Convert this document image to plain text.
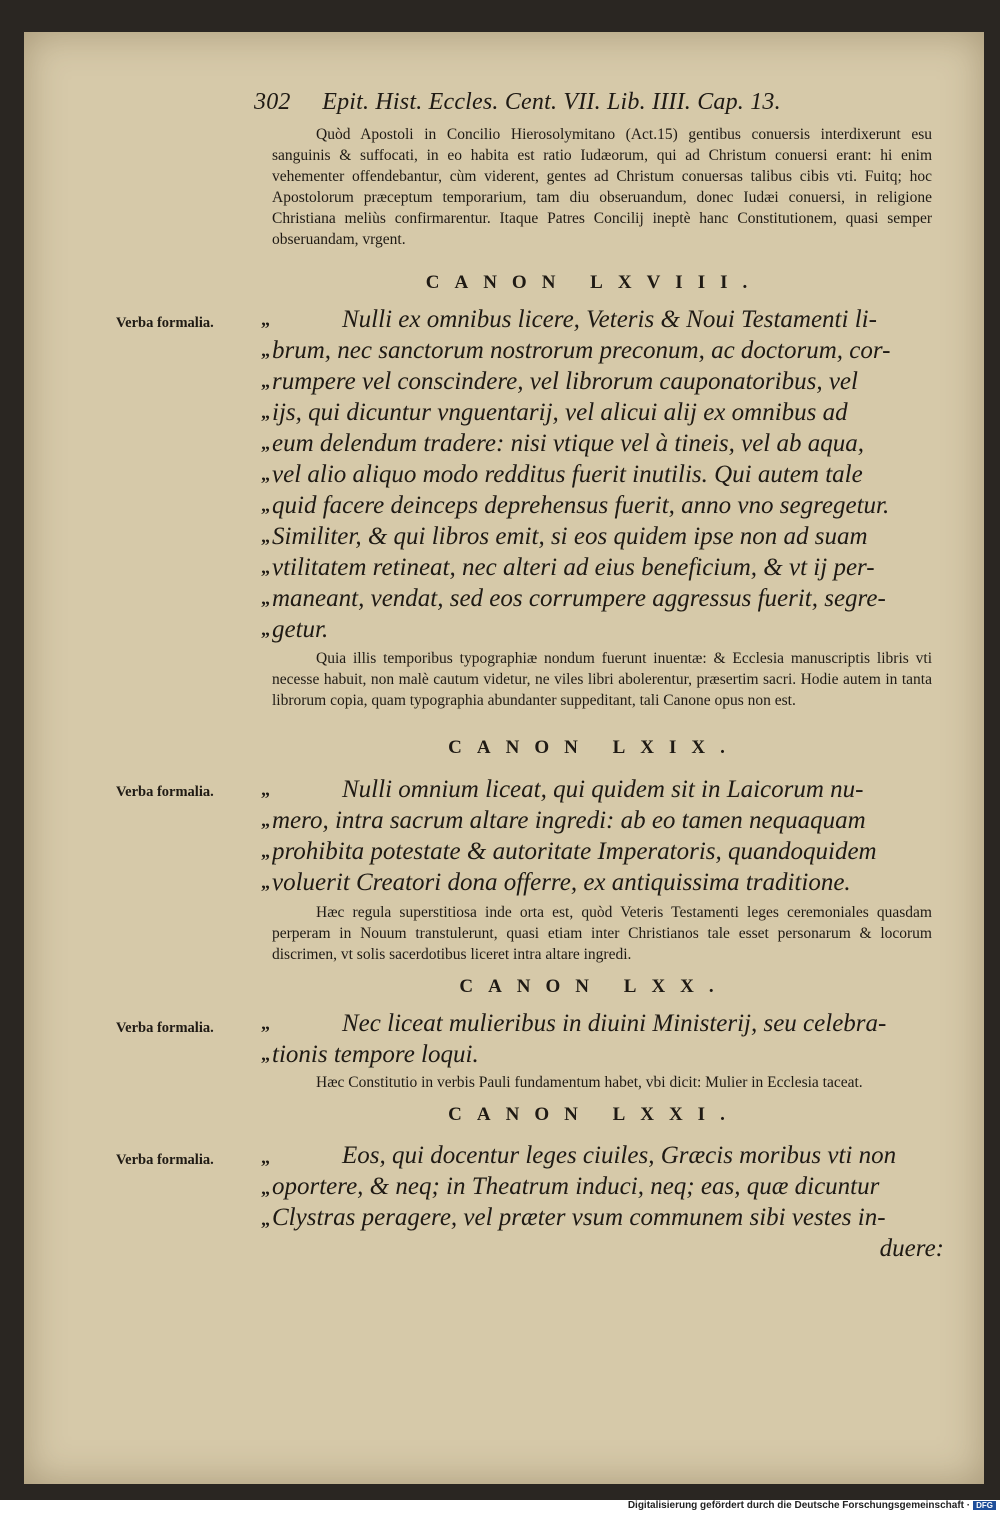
302 Epit. Hist. Eccles. Cent. VII. Lib. IIII. Cap. 13.

Quòd Apostoli in Concilio Hierosolymitano (Act.15) gentibus conuersis interdixerunt esu sanguinis & suffocati, in eo habita est ratio Iudæorum, qui ad Christum conuersi erant: hi enim vehementer offendebantur, cùm viderent, gentes ad Christum conuersas talibus cibis vti. Fuitq; hoc Apostolorum præceptum temporarium, tam diu obseruandum, donec Iudæi conuersi, in religione Christiana meliùs confirmarentur. Itaque Patres Concilij ineptè hanc Constitutionem, quasi semper obseruandam, vrgent.

CANON LXVIII.
Verba formalia.	„
„
„
„
„
„
„
„
„
„
„
Nulli ex omnibus licere, Veteris & Noui Testamenti li-
brum, nec sanctorum nostrorum preconum, ac doctorum, cor-
rumpere vel conscindere, vel librorum cauponatoribus, vel
ijs, qui dicuntur vnguentarij, vel alicui alij ex omnibus ad
eum delendum tradere: nisi vtique vel à tineis, vel ab aqua,
vel alio aliquo modo redditus fuerit inutilis. Qui autem tale
quid facere deinceps deprehensus fuerit, anno vno segregetur.
Similiter, & qui libros emit, si eos quidem ipse non ad suam
vtilitatem retineat, nec alteri ad eius beneficium, & vt ij per-
maneant, vendat, sed eos corrumpere aggressus fuerit, segre-
getur.

Quia illis temporibus typographiæ nondum fuerunt inuentæ: & Ecclesia manuscriptis libris vti necesse habuit, non malè cautum videtur, ne viles libri abolerentur, præsertim sacri. Hodie autem in tanta librorum copia, quam typographia abundanter suppeditant, tali Canone opus non est.

CANON LXIX.
Verba formalia.	„
„
„
„
Nulli omnium liceat, qui quidem sit in Laicorum nu-
mero, intra sacrum altare ingredi: ab eo tamen nequaquam
prohibita potestate & autoritate Imperatoris, quandoquidem
voluerit Creatori dona offerre, ex antiquissima traditione.

Hæc regula superstitiosa inde orta est, quòd Veteris Testamenti leges ceremoniales quasdam perperam in Nouum transtulerunt, quasi etiam inter Christianos tale esset personarum & locorum discrimen, vt solis sacerdotibus liceret intra altare ingredi.

CANON LXX.
Verba formalia.	„
„
Nec liceat mulieribus in diuini Ministerij, seu celebra-
tionis tempore loqui.

Hæc Constitutio in verbis Pauli fundamentum habet, vbi dicit: Mulier in Ecclesia taceat.

CANON LXXI.
Verba formalia.	„
„
„
Eos, qui docentur leges ciuiles, Græcis moribus vti non
oportere, & neq; in Theatrum induci, neq; eas, quæ dicuntur
Clystras peragere, vel præter vsum communem sibi vestes in-
duere:
Digitalisierung gefördert durch die Deutsche Forschungsgemeinschaft · DFG
